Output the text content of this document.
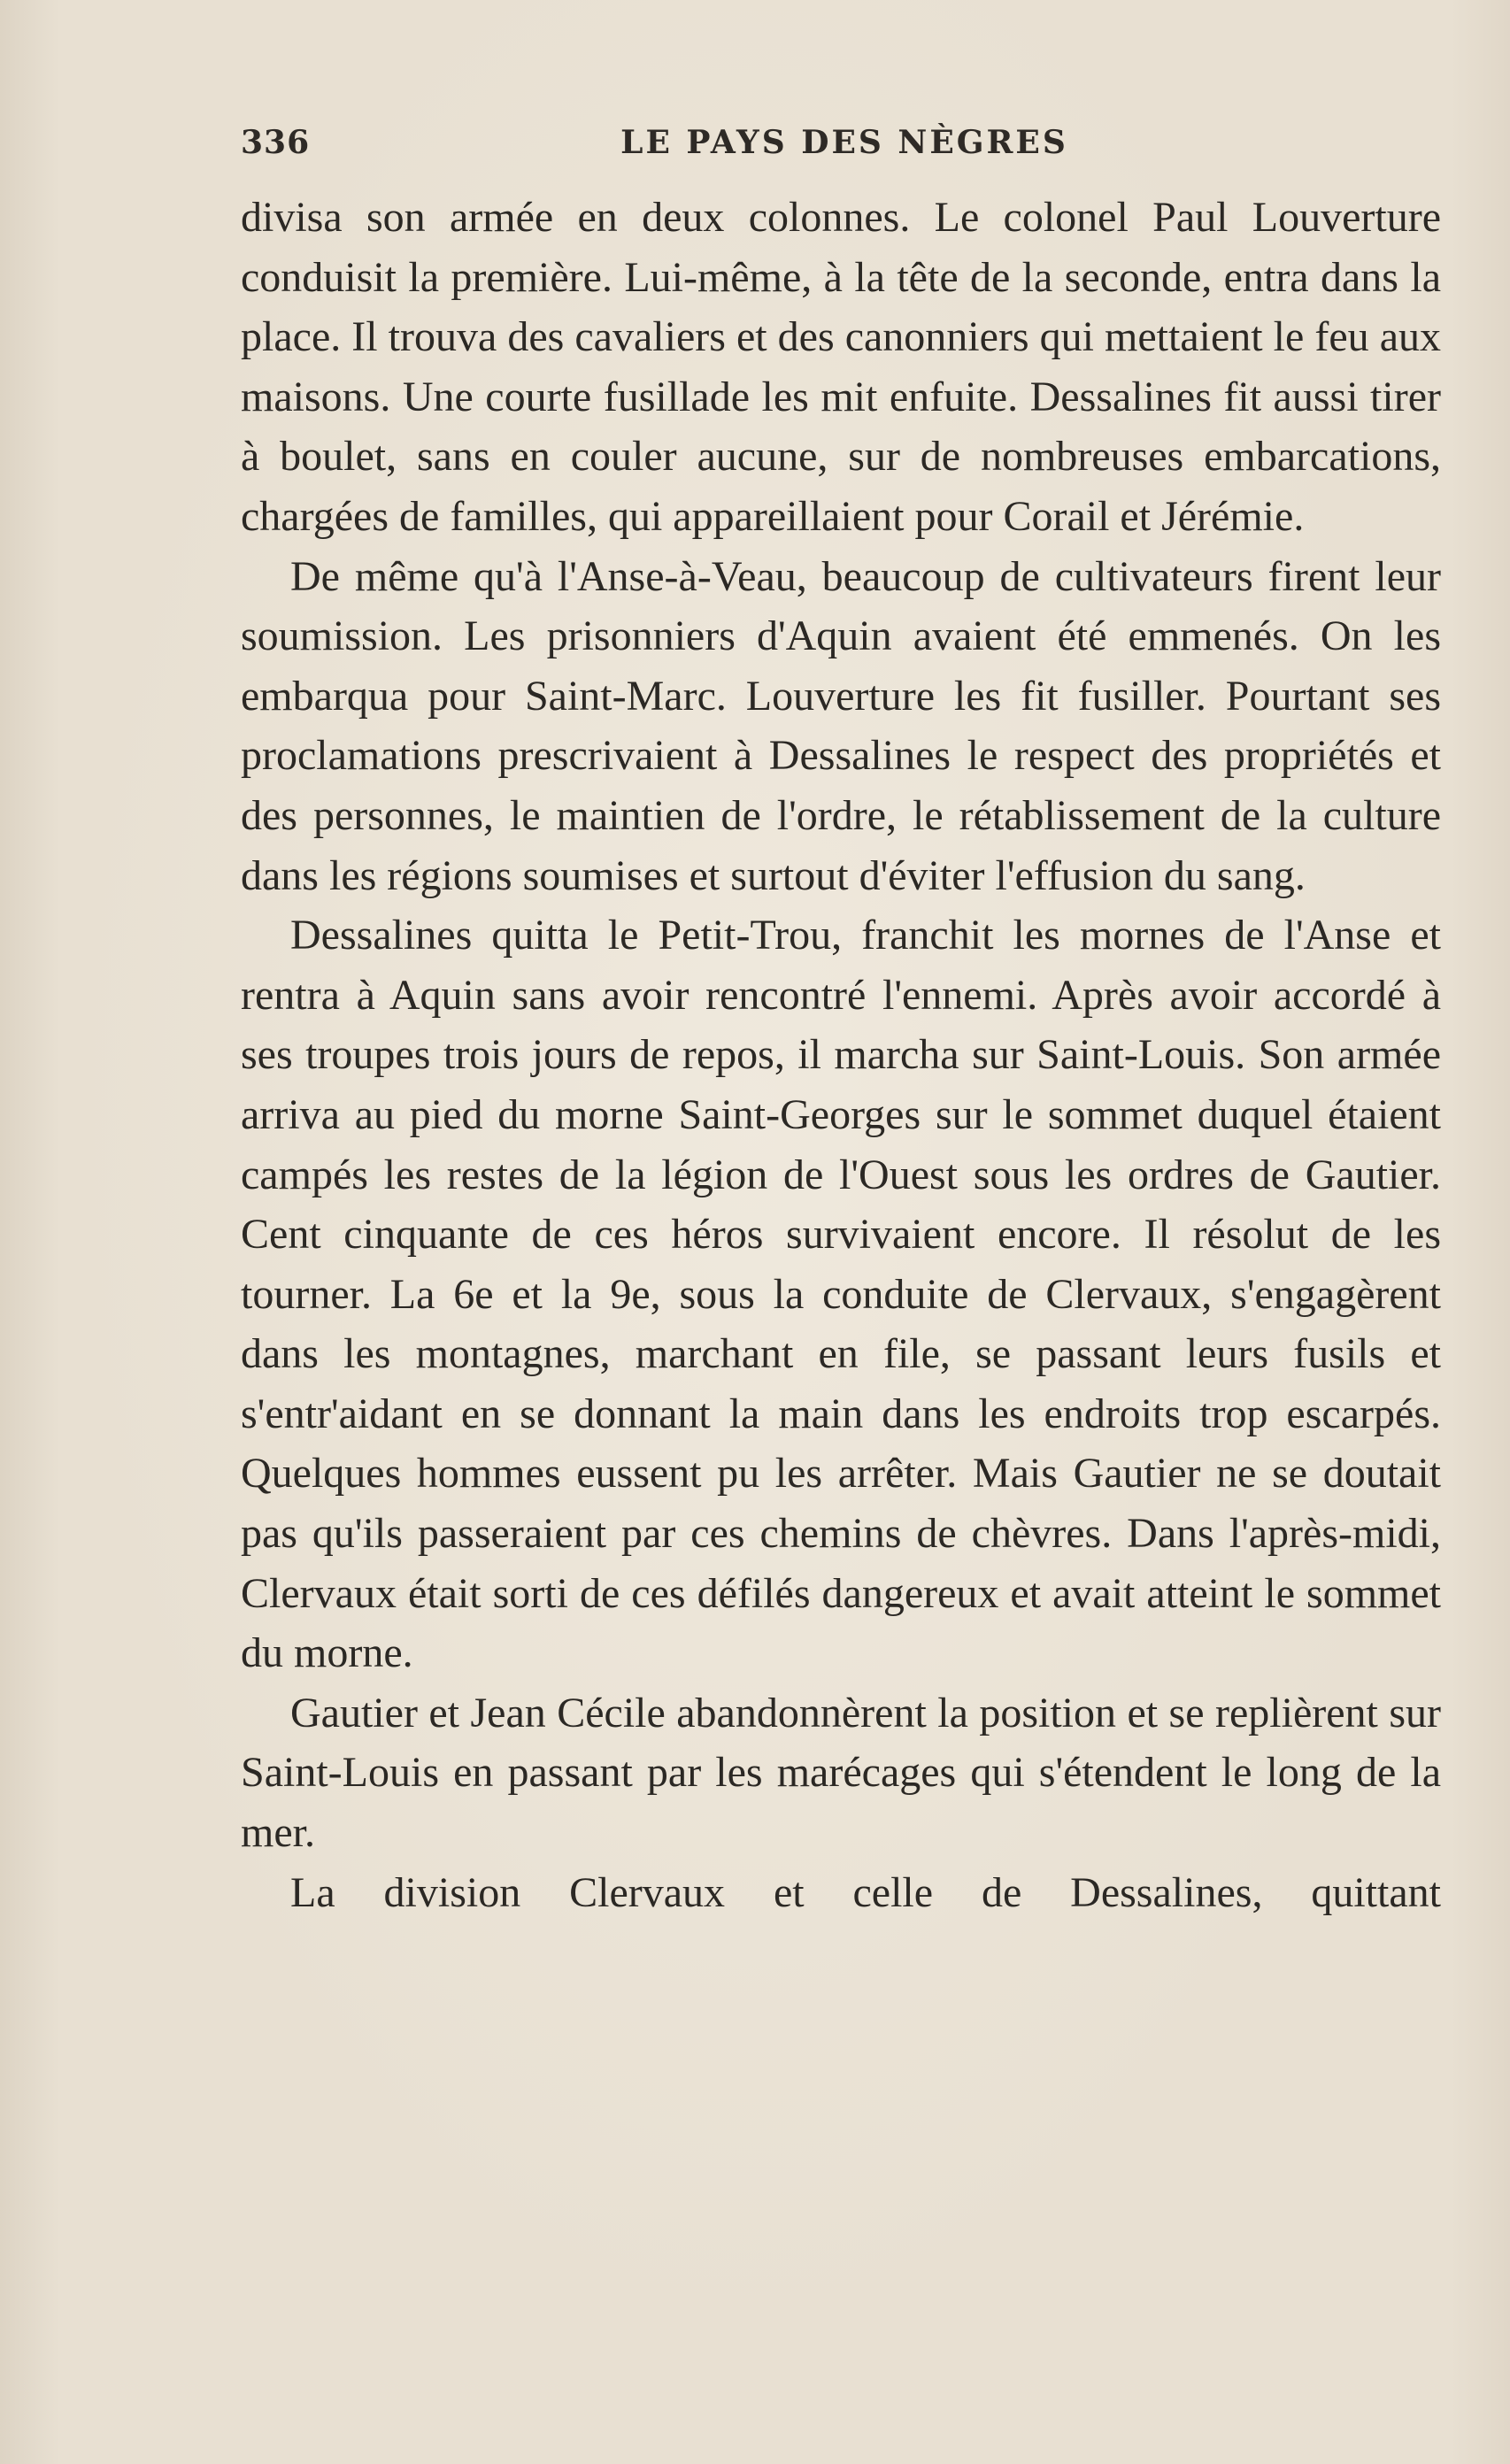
336	LE PAYS DES NÈGRES

divisa son armée en deux colonnes. Le colonel Paul Louverture conduisit la première. Lui-même, à la tête de la seconde, entra dans la place. Il trouva des cavaliers et des canonniers qui mettaient le feu aux maisons. Une courte fusillade les mit enfuite. Dessalines fit aussi tirer à boulet, sans en couler aucune, sur de nombreuses embarcations, chargées de familles, qui appareillaient pour Corail et Jérémie.

De même qu'à l'Anse-à-Veau, beaucoup de cultivateurs firent leur soumission. Les prisonniers d'Aquin avaient été emmenés. On les embarqua pour Saint-Marc. Louverture les fit fusiller. Pourtant ses proclamations prescrivaient à Dessalines le respect des propriétés et des personnes, le maintien de l'ordre, le rétablissement de la culture dans les régions soumises et surtout d'éviter l'effusion du sang.

Dessalines quitta le Petit-Trou, franchit les mornes de l'Anse et rentra à Aquin sans avoir rencontré l'ennemi. Après avoir accordé à ses troupes trois jours de repos, il marcha sur Saint-Louis. Son armée arriva au pied du morne Saint-Georges sur le sommet duquel étaient campés les restes de la légion de l'Ouest sous les ordres de Gautier. Cent cinquante de ces héros survivaient encore. Il résolut de les tourner. La 6e et la 9e, sous la conduite de Clervaux, s'engagèrent dans les montagnes, marchant en file, se passant leurs fusils et s'entr'aidant en se donnant la main dans les endroits trop escarpés. Quelques hommes eussent pu les arrêter. Mais Gautier ne se doutait pas qu'ils passeraient par ces chemins de chèvres. Dans l'après-midi, Clervaux était sorti de ces défilés dangereux et avait atteint le sommet du morne.

Gautier et Jean Cécile abandonnèrent la position et se replièrent sur Saint-Louis en passant par les marécages qui s'étendent le long de la mer.

La division Clervaux et celle de Dessalines, quittant
